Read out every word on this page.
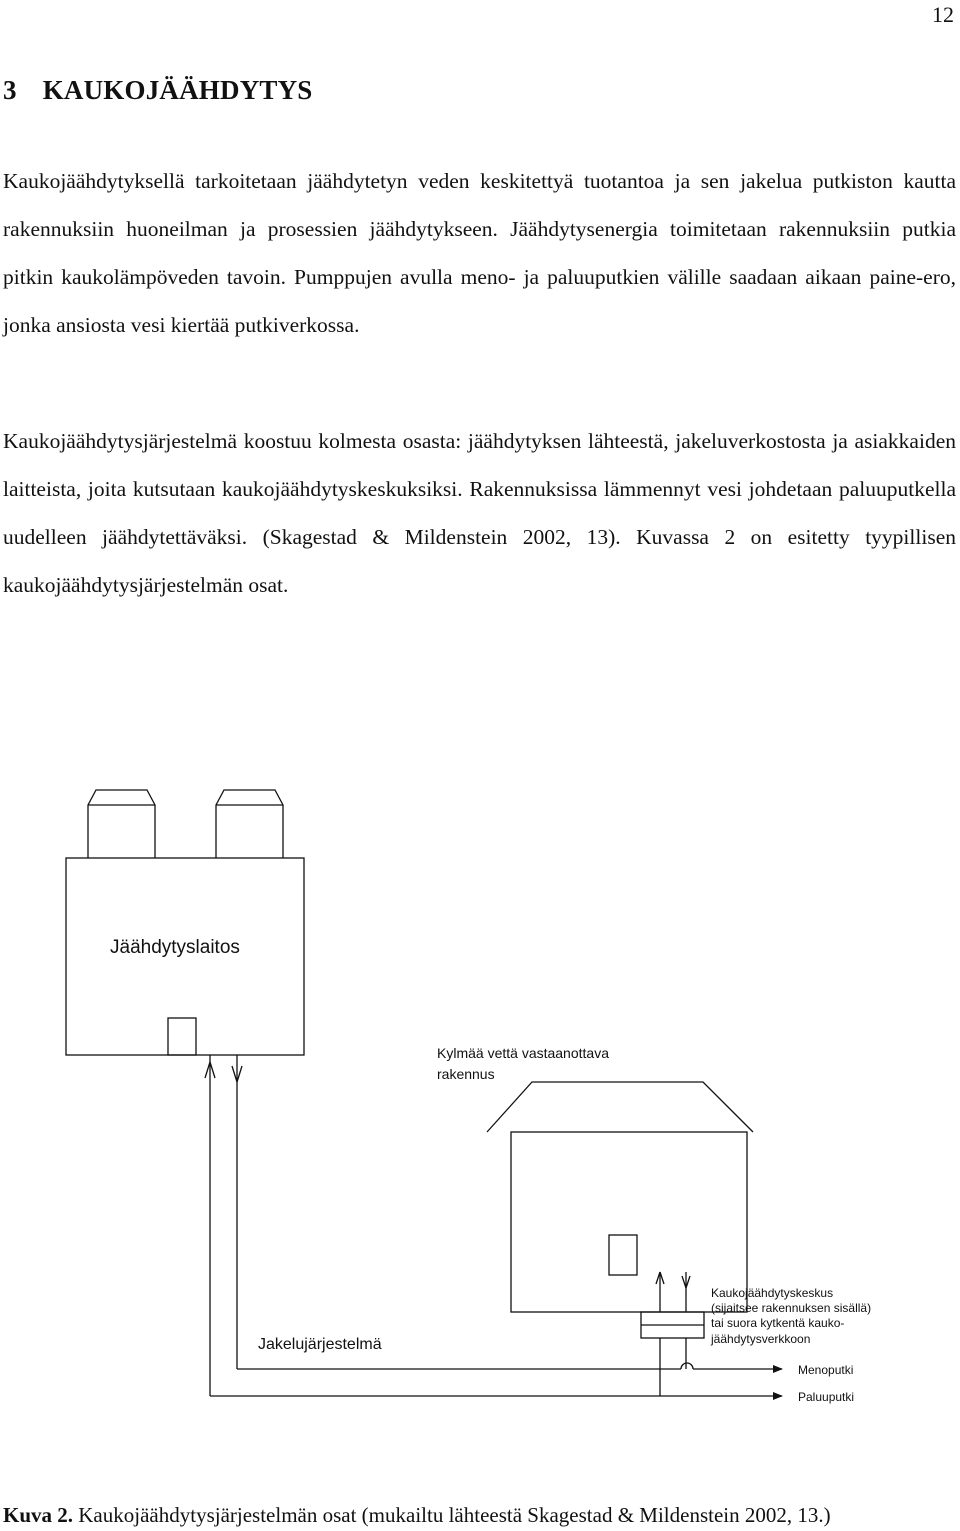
12
3 KAUKOJÄÄHDYTYS

Kaukojäähdytyksellä tarkoitetaan jäähdytetyn veden keskitettyä tuotantoa ja sen jakelua putkiston kautta rakennuksiin huoneilman ja prosessien jäähdytykseen. Jäähdytysenergia toimitetaan rakennuksiin putkia pitkin kaukolämpöveden tavoin. Pumppujen avulla meno- ja paluuputkien välille saadaan aikaan paine-ero, jonka ansiosta vesi kiertää putkiverkossa.

Kaukojäähdytysjärjestelmä koostuu kolmesta osasta: jäähdytyksen lähteestä, jakeluverkostosta ja asiakkaiden laitteista, joita kutsutaan kaukojäähdytyskeskuksiksi. Rakennuksissa lämmennyt vesi johdetaan paluuputkella uudelleen jäähdytettäväksi. (Skagestad & Mildenstein 2002, 13). Kuvassa 2 on esitetty tyypillisen kaukojäähdytysjärjestelmän osat.

Jäähdytyslaitos
Kylmää vettä vastaanottava
rakennus
Jakelujärjestelmä
Kaukojäähdytyskeskus
(sijaitsee rakennuksen sisällä)
tai suora kytkentä kauko-
jäähdytysverkkoon
Menoputki
Paluuputki

Kuva 2. Kaukojäähdytysjärjestelmän osat (mukailtu lähteestä Skagestad & Mildenstein 2002, 13.)
